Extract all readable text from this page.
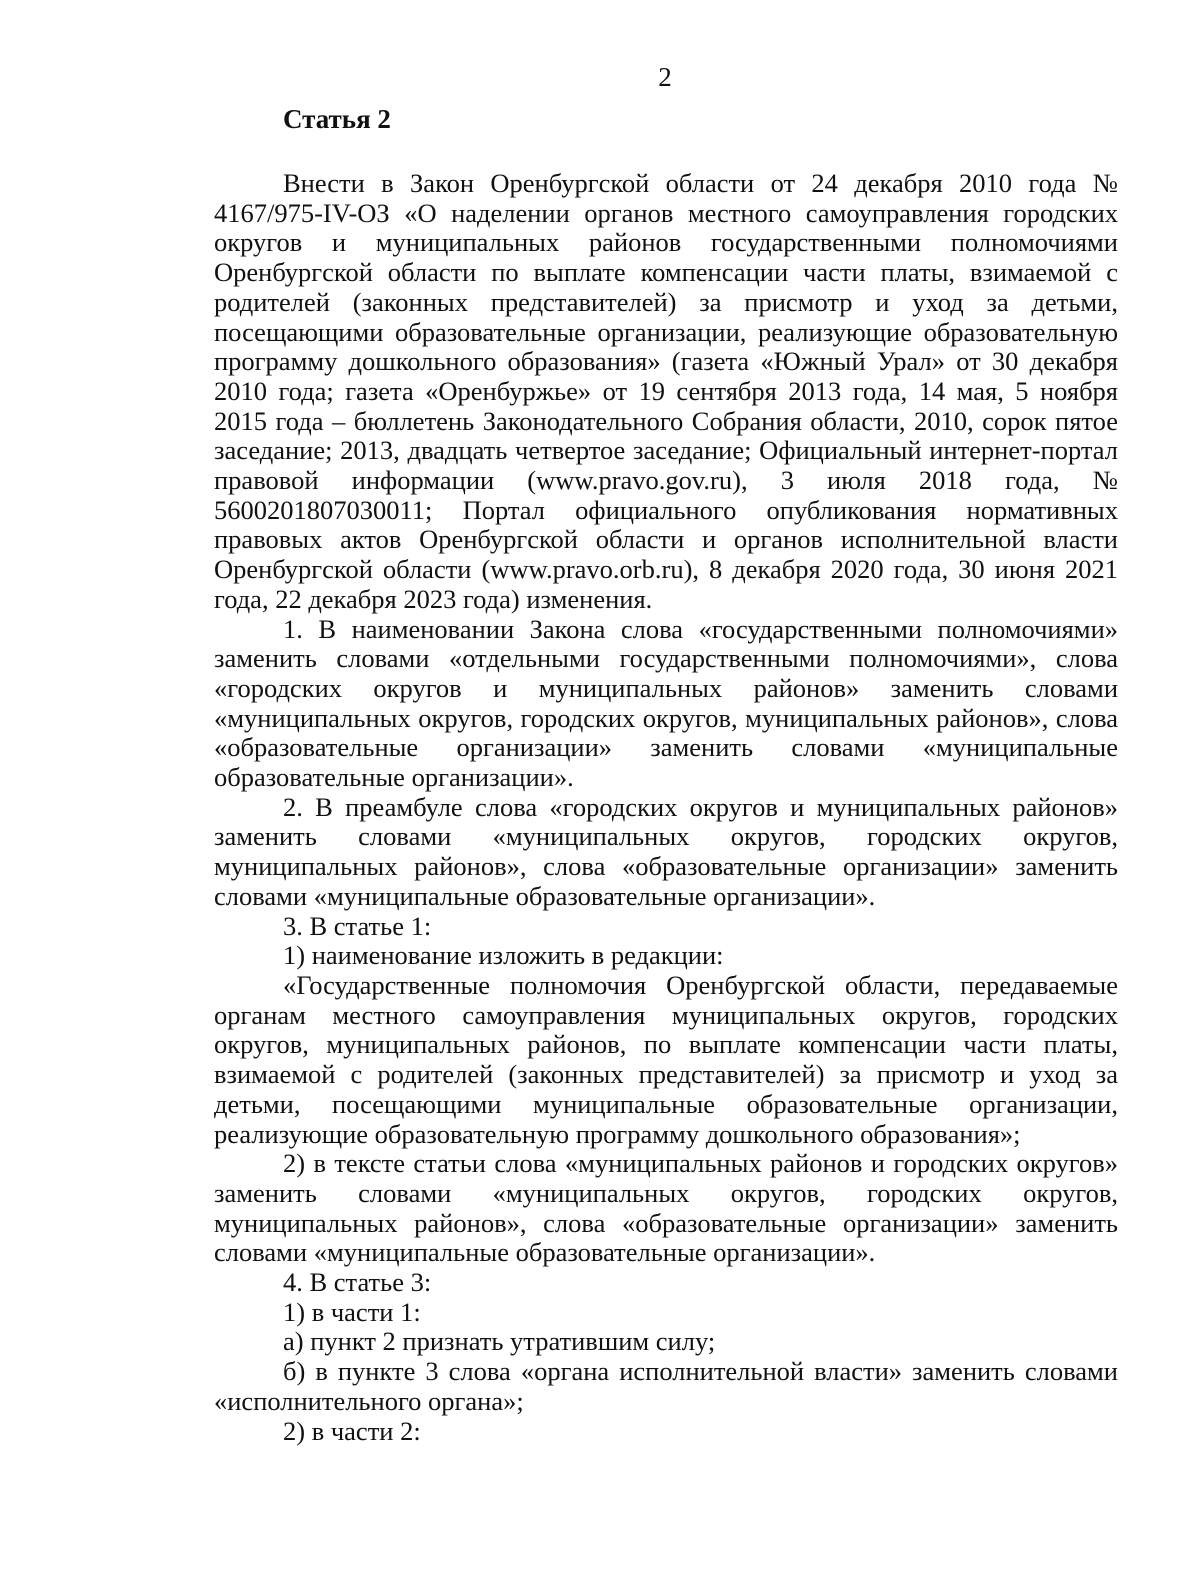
2
Статья 2

Внести в Закон Оренбургской области от 24 декабря 2010 года № 4167/975-IV-ОЗ «О наделении органов местного самоуправления городских округов и муниципальных районов государственными полномочиями Оренбургской области по выплате компенсации части платы, взимаемой с родителей (законных представителей) за присмотр и уход за детьми, посещающими образовательные организации, реализующие образовательную программу дошкольного образования» (газета «Южный Урал» от 30 декабря 2010 года; газета «Оренбуржье» от 19 сентября 2013 года, 14 мая, 5 ноября 2015 года – бюллетень Законодательного Собрания области, 2010, сорок пятое заседание; 2013, двадцать четвертое заседание; Официальный интернет-портал правовой информации (www.pravo.gov.ru), 3 июля 2018 года, № 5600201807030011; Портал официального опубликования нормативных правовых актов Оренбургской области и органов исполнительной власти Оренбургской области (www.pravo.orb.ru), 8 декабря 2020 года, 30 июня 2021 года, 22 декабря 2023 года) изменения.

1. В наименовании Закона слова «государственными полномочиями» заменить словами «отдельными государственными полномочиями», слова «городских округов и муниципальных районов» заменить словами «муниципальных округов, городских округов, муниципальных районов», слова «образовательные организации» заменить словами «муниципальные образовательные организации».

2. В преамбуле слова «городских округов и муниципальных районов» заменить словами «муниципальных округов, городских округов, муниципальных районов», слова «образовательные организации» заменить словами «муниципальные образовательные организации».

3. В статье 1:

1) наименование изложить в редакции:

«Государственные полномочия Оренбургской области, передаваемые органам местного самоуправления муниципальных округов, городских округов, муниципальных районов, по выплате компенсации части платы, взимаемой с родителей (законных представителей) за присмотр и уход за детьми, посещающими муниципальные образовательные организации, реализующие образовательную программу дошкольного образования»;

2) в тексте статьи слова «муниципальных районов и городских округов» заменить словами «муниципальных округов, городских округов, муниципальных районов», слова «образовательные организации» заменить словами «муниципальные образовательные организации».

4. В статье 3:

1) в части 1:

а) пункт 2 признать утратившим силу;

б) в пункте 3 слова «органа исполнительной власти» заменить словами «исполнительного органа»;

2) в части 2:
